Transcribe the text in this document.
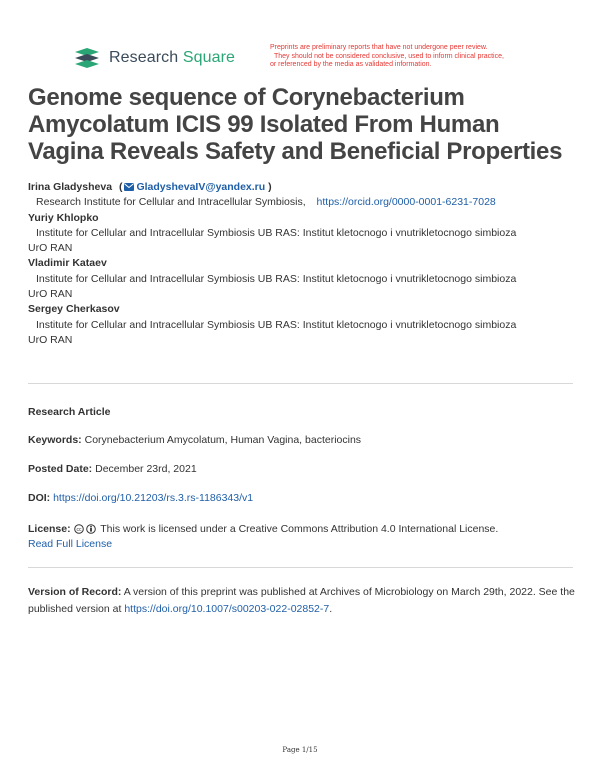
Research Square
Preprints are preliminary reports that have not undergone peer review.
They should not be considered conclusive, used to inform clinical practice,
or referenced by the media as validated information.
Genome sequence of Corynebacterium Amycolatum ICIS 99 Isolated From Human Vagina Reveals Safety and Beneficial Properties
Irina Gladysheva ( GladyshevaIV@yandex.ru )
Research Institute for Cellular and Intracellular Symbiosis, https://orcid.org/0000-0001-6231-7028
Yuriy Khlopko
Institute for Cellular and Intracellular Symbiosis UB RAS: Institut kletocnogo i vnutrikletocnogo simbioza
UrO RAN
Vladimir Kataev
Institute for Cellular and Intracellular Symbiosis UB RAS: Institut kletocnogo i vnutrikletocnogo simbioza
UrO RAN
Sergey Cherkasov
Institute for Cellular and Intracellular Symbiosis UB RAS: Institut kletocnogo i vnutrikletocnogo simbioza
UrO RAN
Research Article
Keywords: Corynebacterium Amycolatum, Human Vagina, bacteriocins
Posted Date: December 23rd, 2021
DOI: https://doi.org/10.21203/rs.3.rs-1186343/v1
License: cc This work is licensed under a Creative Commons Attribution 4.0 International License.
Read Full License
Version of Record: A version of this preprint was published at Archives of Microbiology on March 29th, 2022. See the published version at https://doi.org/10.1007/s00203-022-02852-7.
Page 1/15
